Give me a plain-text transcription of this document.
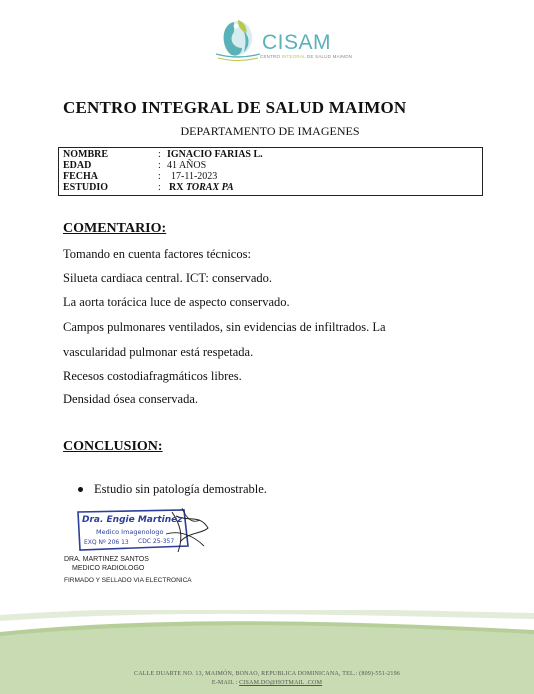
CISAM
CENTRO INTEGRAL DE SALUD MAIMON
CENTRO INTEGRAL DE SALUD MAIMON
DEPARTAMENTO DE IMAGENES
NOMBRE	: IGNACIO FARIAS L.
EDAD	: 41 AÑOS
FECHA	: 17-11-2023
ESTUDIO	: RX TORAX PA
COMENTARIO:
Tomando en cuenta factores técnicos:
Silueta cardiaca central. ICT: conservado.
La aorta torácica luce de aspecto conservado.
Campos pulmonares ventilados, sin evidencias de infiltrados. La
vascularidad pulmonar está respetada.
Recesos costodiafragmáticos libres.
Densidad ósea conservada.
CONCLUSION:
Estudio sin patología demostrable.
Dra. Engie Martinez
Medico Imagenologo
EXQ Nº 206 13 CDC 25-357
DRA. MARTINEZ SANTOS
MEDICO RADIOLOGO
FIRMADO Y SELLADO VIA ELECTRONICA
CALLE DUARTE NO. 13, MAIMÓN, BONAO, REPUBLICA DOMINICANA, TEL.: (809)-551-2196
E-MAIL : CISAM.DO@HOTMAIL .COM
